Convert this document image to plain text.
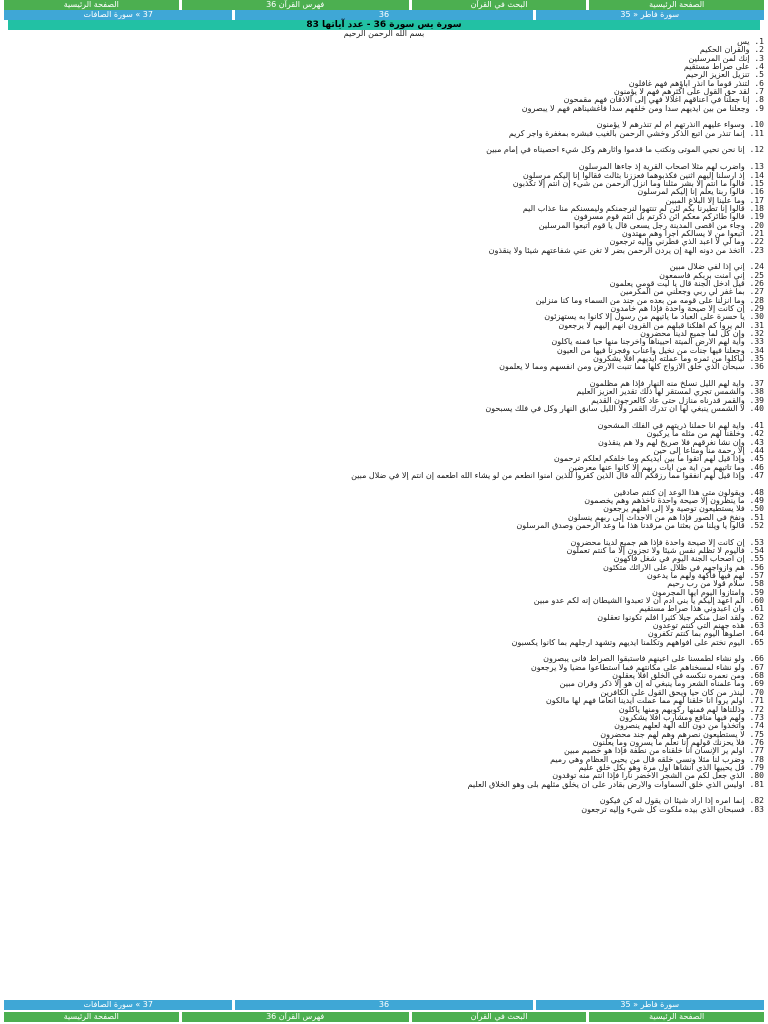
الصفحة الرئيسية
البحث في القرآن
فهرس القرآن 36
الصفحة الرئيسية
سورة فاطر « 35
36
37 » سورة الصافات
سورة يس سورة 36 - عدد آياتها 83
بسم الله الرحمن الرحيم
1. يس
2. والقرآن الحكيم
3. إنك لمن المرسلين
4. على صراط مستقيم
5. تنزيل العزيز الرحيم
6. لتنذر قوما ما أنذر آباؤهم فهم غافلون
7. لقد حق القول على أكثرهم فهم لا يؤمنون
8. إنا جعلنا في أعناقهم أغلالا فهي إلى الأذقان فهم مقمحون
9. وجعلنا من بين أيديهم سدا ومن خلفهم سدا فأغشيناهم فهم لا يبصرون
10. وسواء عليهم أأنذرتهم أم لم تنذرهم لا يؤمنون
11. إنما تنذر من اتبع الذكر وخشي الرحمن بالغيب فبشره بمغفرة وأجر كريم
12. إنا نحن نحيي الموتى ونكتب ما قدموا وآثارهم وكل شيء أحصيناه في إمام مبين
13. واضرب لهم مثلا أصحاب القرية إذ جاءها المرسلون
14. إذ أرسلنا إليهم اثنين فكذبوهما فعززنا بثالث فقالوا إنا إليكم مرسلون
15. قالوا ما أنتم إلا بشر مثلنا وما أنزل الرحمن من شيء إن أنتم إلا تكذبون
16. قالوا ربنا يعلم إنا إليكم لمرسلون
17. وما علينا إلا البلاغ المبين
18. قالوا إنا تطيرنا بكم لئن لم تنتهوا لنرجمنكم وليمسنكم منا عذاب أليم
19. قالوا طائركم معكم أئن ذكرتم بل أنتم قوم مسرفون
20. وجاء من أقصى المدينة رجل يسعى قال يا قوم اتبعوا المرسلين
21. اتبعوا من لا يسألكم أجرا وهم مهتدون
22. وما لي لا أعبد الذي فطرني وإليه ترجعون
23. أأتخذ من دونه آلهة إن يردن الرحمن بضر لا تغن عني شفاعتهم شيئا ولا ينقذون
24. إني إذا لفي ضلال مبين
25. إني آمنت بربكم فاسمعون
26. قيل ادخل الجنة قال يا ليت قومي يعلمون
27. بما غفر لي ربي وجعلني من المكرمين
28. وما أنزلنا على قومه من بعده من جند من السماء وما كنا منزلين
29. إن كانت إلا صيحة واحدة فإذا هم خامدون
30. يا حسرة على العباد ما يأتيهم من رسول إلا كانوا به يستهزئون
31. ألم يروا كم أهلكنا قبلهم من القرون أنهم إليهم لا يرجعون
32. وإن كل لما جميع لدينا محضرون
33. وآية لهم الأرض الميتة أحييناها وأخرجنا منها حبا فمنه يأكلون
34. وجعلنا فيها جنات من نخيل وأعناب وفجرنا فيها من العيون
35. ليأكلوا من ثمره وما عملته أيديهم أفلا يشكرون
36. سبحان الذي خلق الأزواج كلها مما تنبت الأرض ومن أنفسهم ومما لا يعلمون
37. وآية لهم الليل نسلخ منه النهار فإذا هم مظلمون
38. والشمس تجري لمستقر لها ذلك تقدير العزيز العليم
39. والقمر قدرناه منازل حتى عاد كالعرجون القديم
40. لا الشمس ينبغي لها أن تدرك القمر ولا الليل سابق النهار وكل في فلك يسبحون
41. وآية لهم أنا حملنا ذريتهم في الفلك المشحون
42. وخلقنا لهم من مثله ما يركبون
43. وإن نشأ نغرقهم فلا صريخ لهم ولا هم ينقذون
44. إلا رحمة منا ومتاعا إلى حين
45. وإذا قيل لهم اتقوا ما بين أيديكم وما خلفكم لعلكم ترحمون
46. وما تأتيهم من آية من آيات ربهم إلا كانوا عنها معرضين
47. وإذا قيل لهم أنفقوا مما رزقكم الله قال الذين كفروا للذين آمنوا أنطعم من لو يشاء الله أطعمه إن أنتم إلا في ضلال مبين
48. ويقولون متى هذا الوعد إن كنتم صادقين
49. ما ينظرون إلا صيحة واحدة تأخذهم وهم يخصمون
50. فلا يستطيعون توصية ولا إلى أهلهم يرجعون
51. ونفخ في الصور فإذا هم من الأجداث إلى ربهم ينسلون
52. قالوا يا ويلنا من بعثنا من مرقدنا هذا ما وعد الرحمن وصدق المرسلون
53. إن كانت إلا صيحة واحدة فإذا هم جميع لدينا محضرون
54. فاليوم لا تظلم نفس شيئا ولا تجزون إلا ما كنتم تعملون
55. إن أصحاب الجنة اليوم في شغل فاكهون
56. هم وأزواجهم في ظلال على الأرائك متكئون
57. لهم فيها فاكهة ولهم ما يدعون
58. سلام قولا من رب رحيم
59. وامتازوا اليوم أيها المجرمون
60. ألم أعهد إليكم يا بني آدم أن لا تعبدوا الشيطان إنه لكم عدو مبين
61. وأن اعبدوني هذا صراط مستقيم
62. ولقد أضل منكم جبلا كثيرا أفلم تكونوا تعقلون
63. هذه جهنم التي كنتم توعدون
64. اصلوها اليوم بما كنتم تكفرون
65. اليوم نختم على أفواههم وتكلمنا أيديهم وتشهد أرجلهم بما كانوا يكسبون
66. ولو نشاء لطمسنا على أعينهم فاستبقوا الصراط فأنى يبصرون
67. ولو نشاء لمسخناهم على مكانتهم فما استطاعوا مضيا ولا يرجعون
68. ومن نعمره ننكسه في الخلق أفلا يعقلون
69. وما علمناه الشعر وما ينبغي له إن هو إلا ذكر وقرآن مبين
70. لينذر من كان حيا ويحق القول على الكافرين
71. أولم يروا أنا خلقنا لهم مما عملت أيدينا أنعاما فهم لها مالكون
72. وذللناها لهم فمنها ركوبهم ومنها يأكلون
73. ولهم فيها منافع ومشارب أفلا يشكرون
74. واتخذوا من دون الله آلهة لعلهم ينصرون
75. لا يستطيعون نصرهم وهم لهم جند محضرون
76. فلا يحزنك قولهم إنا نعلم ما يسرون وما يعلنون
77. أولم ير الإنسان أنا خلقناه من نطفة فإذا هو خصيم مبين
78. وضرب لنا مثلا ونسي خلقه قال من يحيي العظام وهي رميم
79. قل يحييها الذي أنشأها أول مرة وهو بكل خلق عليم
80. الذي جعل لكم من الشجر الأخضر نارا فإذا أنتم منه توقدون
81. أوليس الذي خلق السماوات والأرض بقادر على أن يخلق مثلهم بلى وهو الخلاق العليم
82. إنما أمره إذا أراد شيئا أن يقول له كن فيكون
83. فسبحان الذي بيده ملكوت كل شيء وإليه ترجعون
سورة فاطر « 35
36
37 » سورة الصافات
الصفحة الرئيسية
البحث في القرآن
فهرس القرآن 36
الصفحة الرئيسية
